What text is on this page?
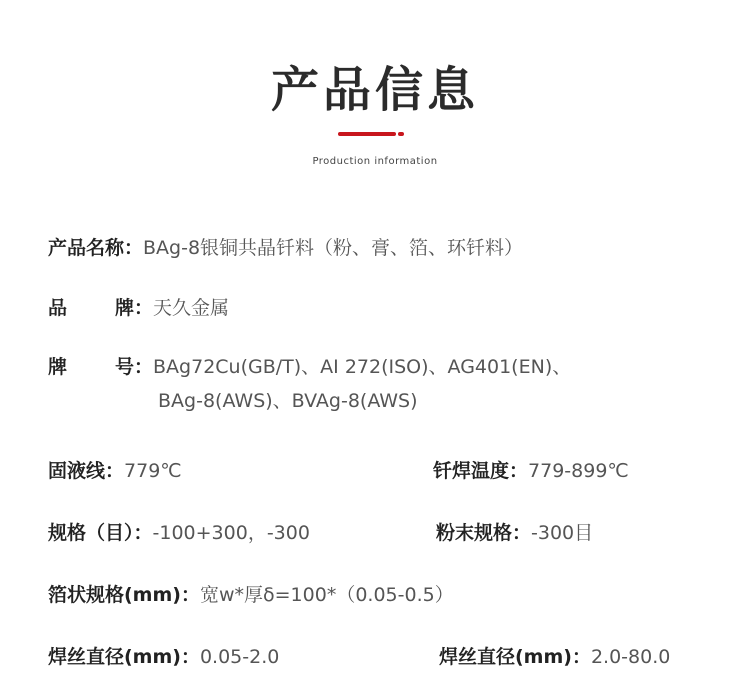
产品信息
Production information
产品名称：BAg-8银铜共晶钎料（粉、膏、箔、环钎料）
品	牌：天久金属
牌	号：BAg72Cu(GB/T)、AI 272(ISO)、AG401(EN)、
BAg-8(AWS)、BVAg-8(AWS)
固液线：779℃	钎焊温度：779-899℃
规格（目）：-100+300，-300	粉末规格：-300目
箔状规格(mm)：宽w*厚δ=100*（0.05-0.5）
焊丝直径(mm)：0.05-2.0	焊丝直径(mm)：2.0-80.0
